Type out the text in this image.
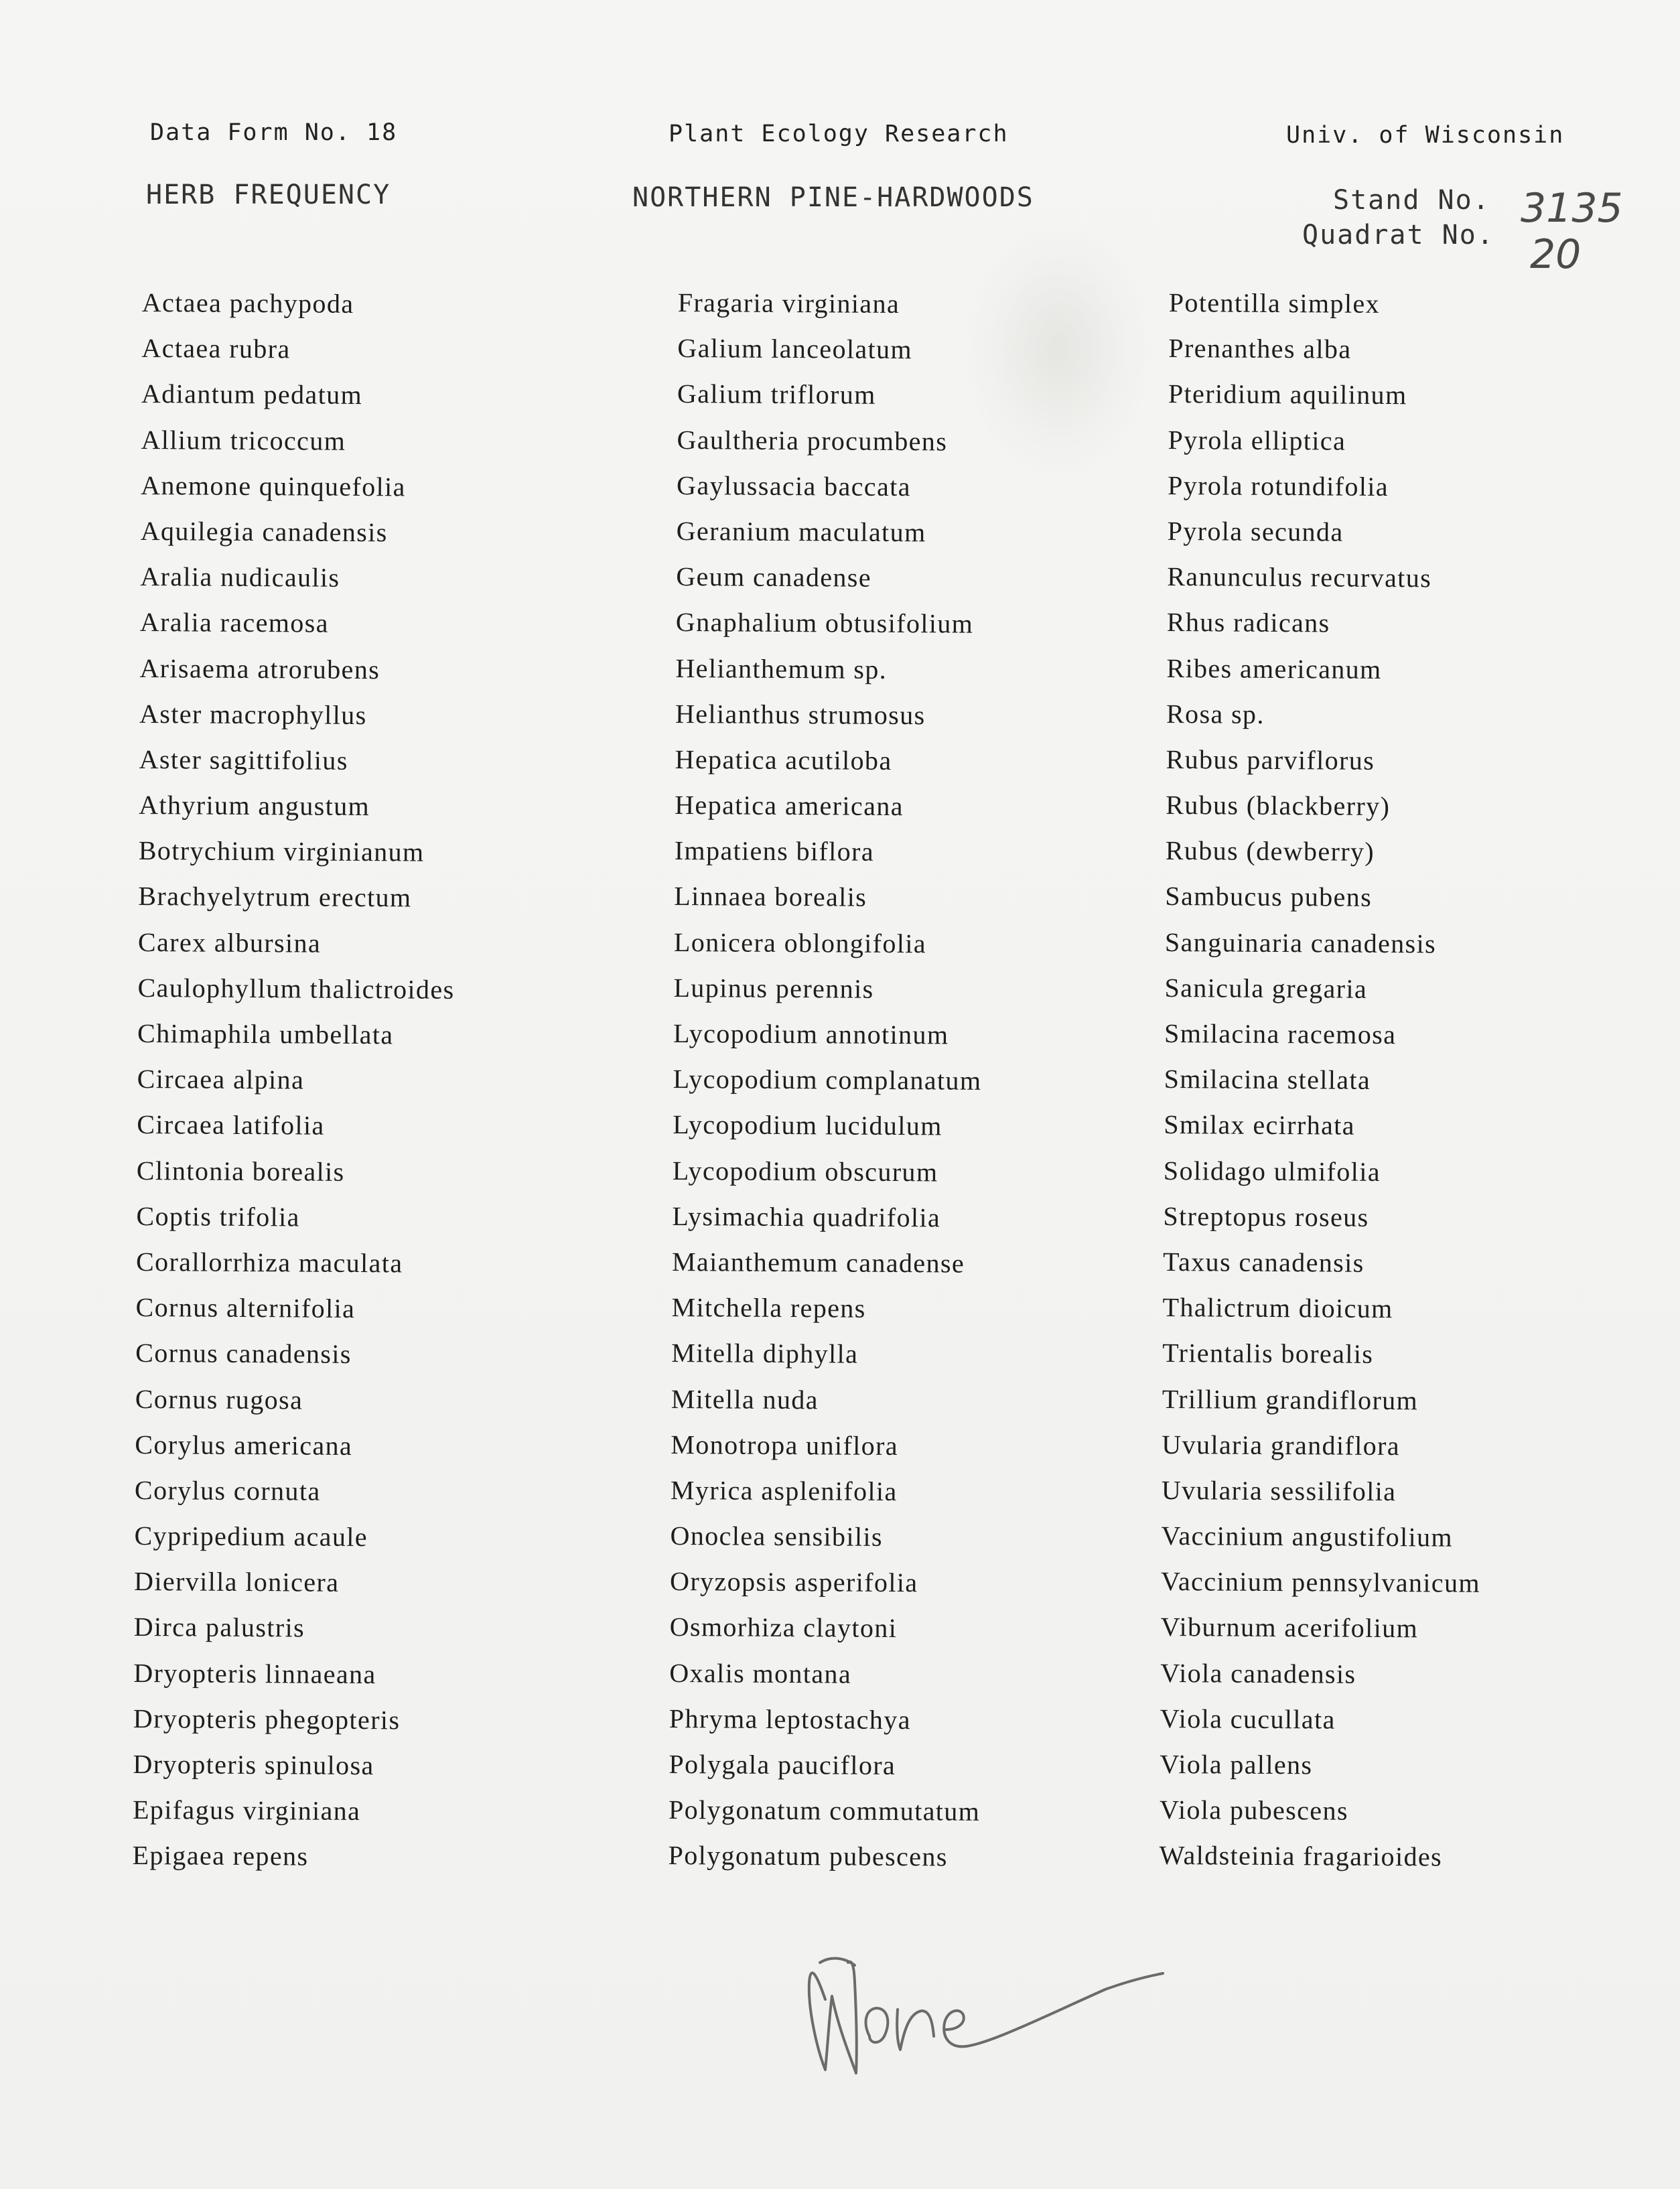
Data Form No. 18	Plant Ecology Research	Univ. of Wisconsin
HERB FREQUENCY	NORTHERN PINE-HARDWOODS	Stand No.
Quadrat No.
3135
20
Actaea pachypoda
Actaea rubra
Adiantum pedatum
Allium tricoccum
Anemone quinquefolia
Aquilegia canadensis
Aralia nudicaulis
Aralia racemosa
Arisaema atrorubens
Aster macrophyllus
Aster sagittifolius
Athyrium angustum
Botrychium virginianum
Brachyelytrum erectum
Carex albursina
Caulophyllum thalictroides
Chimaphila umbellata
Circaea alpina
Circaea latifolia
Clintonia borealis
Coptis trifolia
Corallorrhiza maculata
Cornus alternifolia
Cornus canadensis
Cornus rugosa
Corylus americana
Corylus cornuta
Cypripedium acaule
Diervilla lonicera
Dirca palustris
Dryopteris linnaeana
Dryopteris phegopteris
Dryopteris spinulosa
Epifagus virginiana
Epigaea repens
Fragaria virginiana
Galium lanceolatum
Galium triflorum
Gaultheria procumbens
Gaylussacia baccata
Geranium maculatum
Geum canadense
Gnaphalium obtusifolium
Helianthemum sp.
Helianthus strumosus
Hepatica acutiloba
Hepatica americana
Impatiens biflora
Linnaea borealis
Lonicera oblongifolia
Lupinus perennis
Lycopodium annotinum
Lycopodium complanatum
Lycopodium lucidulum
Lycopodium obscurum
Lysimachia quadrifolia
Maianthemum canadense
Mitchella repens
Mitella diphylla
Mitella nuda
Monotropa uniflora
Myrica asplenifolia
Onoclea sensibilis
Oryzopsis asperifolia
Osmorhiza claytoni
Oxalis montana
Phryma leptostachya
Polygala pauciflora
Polygonatum commutatum
Polygonatum pubescens
Potentilla simplex
Prenanthes alba
Pteridium aquilinum
Pyrola elliptica
Pyrola rotundifolia
Pyrola secunda
Ranunculus recurvatus
Rhus radicans
Ribes americanum
Rosa sp.
Rubus parviflorus
Rubus (blackberry)
Rubus (dewberry)
Sambucus pubens
Sanguinaria canadensis
Sanicula gregaria
Smilacina racemosa
Smilacina stellata
Smilax ecirrhata
Solidago ulmifolia
Streptopus roseus
Taxus canadensis
Thalictrum dioicum
Trientalis borealis
Trillium grandiflorum
Uvularia grandiflora
Uvularia sessilifolia
Vaccinium angustifolium
Vaccinium pennsylvanicum
Viburnum acerifolium
Viola canadensis
Viola cucullata
Viola pallens
Viola pubescens
Waldsteinia fragarioides
